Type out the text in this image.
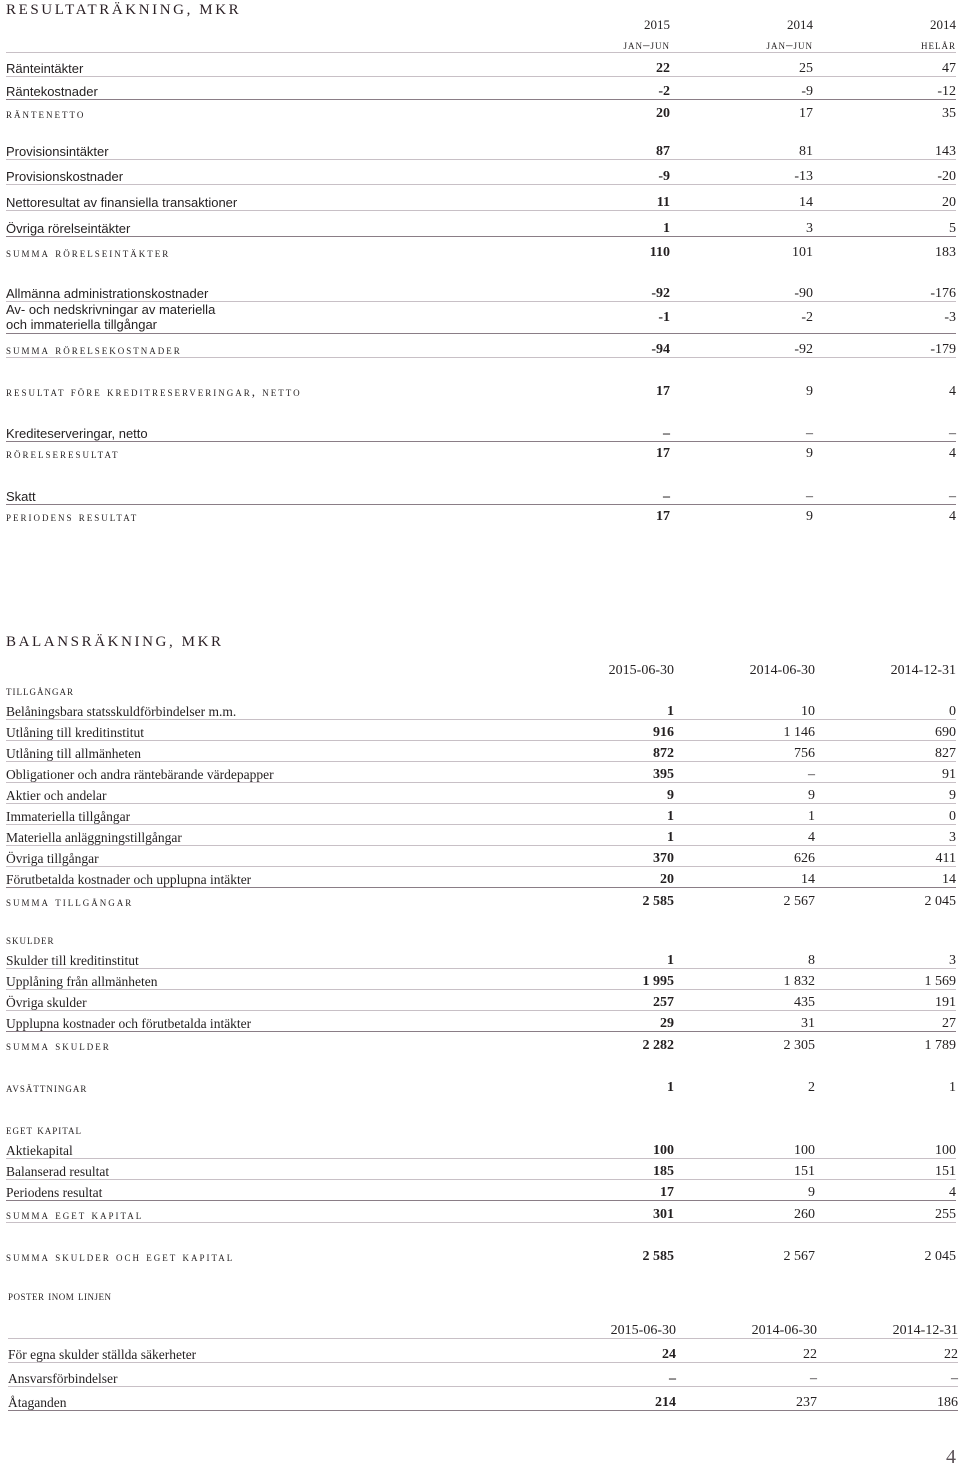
RESULTATRÄKNING, MKR
	2015	2014	2014
	jan–jun	jan–jun	helår
Ränteintäkter	22	25	47
Räntekostnader	-2	-9	-12
räntenetto	20	17	35
Provisionsintäkter	87	81	143
Provisionskostnader	-9	-13	-20
Nettoresultat av finansiella transaktioner	11	14	20
Övriga rörelseintäkter	1	3	5
summa rörelseintäkter	110	101	183
Allmänna administrationskostnader	-92	-90	-176

Av- och nedskrivningar av materiella
och immateriella tillgångar	-1	-2	-3
summa rörelsekostnader	-94	-92	-179
resultat före kreditreserveringar, netto	17	9	4
Krediteserveringar, netto	–	–	–
rörelseresultat	17	9	4
Skatt	–	–	–
periodens resultat	17	9	4
BALANSRÄKNING, MKR
	2015-06-30	2014-06-30	2014-12-31
tillgångar			
Belåningsbara statsskuldförbindelser m.m.	1	10	0
Utlåning till kreditinstitut	916	1 146	690
Utlåning till allmänheten	872	756	827
Obligationer och andra räntebärande värdepapper	395	–	91
Aktier och andelar	9	9	9
Immateriella tillgångar	1	1	0
Materiella anläggningstillgångar	1	4	3
Övriga tillgångar	370	626	411
Förutbetalda kostnader och upplupna intäkter	20	14	14
summa tillgångar	2 585	2 567	2 045
skulder			
Skulder till kreditinstitut	1	8	3
Upplåning från allmänheten	1 995	1 832	1 569
Övriga skulder	257	435	191
Upplupna kostnader och förutbetalda intäkter	29	31	27
summa skulder	2 282	2 305	1 789
avsättningar	1	2	1
eget kapital			
Aktiekapital	100	100	100
Balanserad resultat	185	151	151
Periodens resultat	17	9	4
summa eget kapital	301	260	255
summa skulder och eget kapital	2 585	2 567	2 045
poster inom linjen
	2015-06-30	2014-06-30	2014-12-31
För egna skulder ställda säkerheter	24	22	22
Ansvarsförbindelser	–	–	–
Åtaganden	214	237	186
4
